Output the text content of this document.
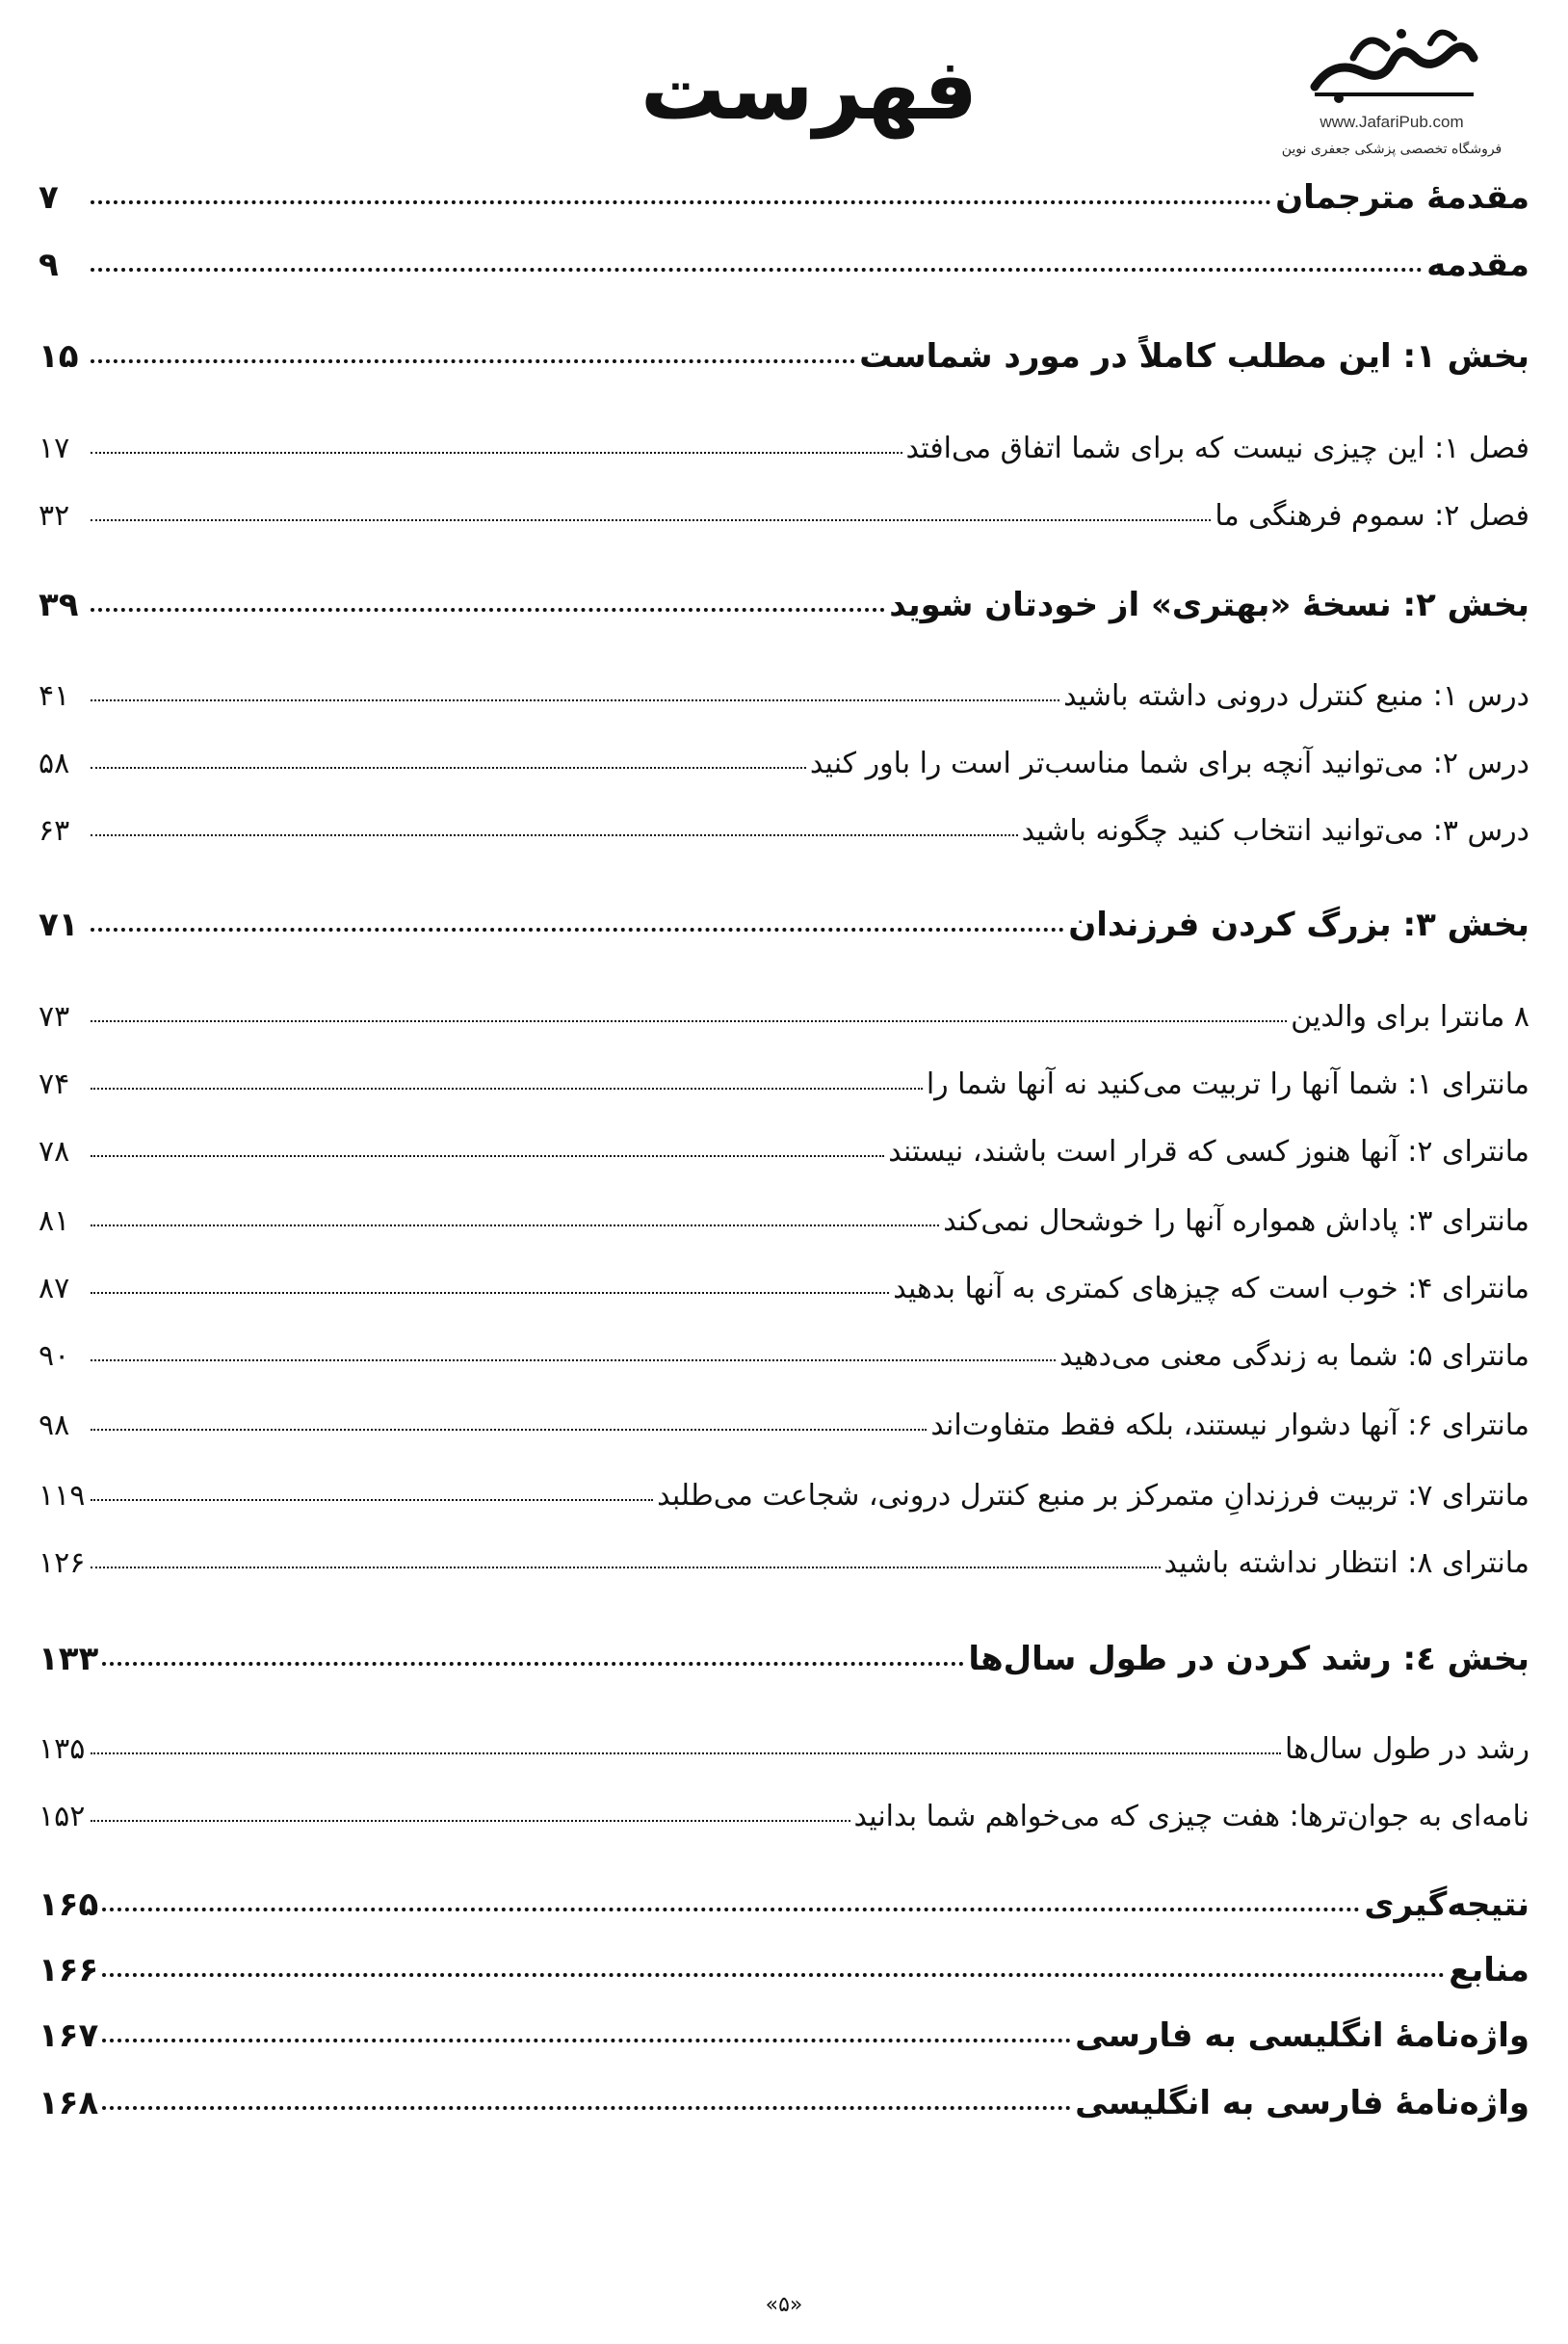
فهرست	www.JafariPub.com
فروشگاه تخصصی پزشکی جعفری نوین
مقدمۀ مترجمان
۷
مقدمه
۹
بخش ۱: این مطلب کاملاً در مورد شماست
۱۵
فصل ۱: این چیزی نیست که برای شما اتفاق می‌افتد
۱۷
فصل ۲: سموم فرهنگی ما
۳۲
بخش ۲: نسخۀ «بهتری» از خودتان شوید
۳۹
درس ۱: منبع کنترل درونی داشته باشید
۴۱
درس ۲: می‌توانید آنچه برای شما مناسب‌تر است را باور کنید
۵۸
درس ۳: می‌توانید انتخاب کنید چگونه باشید
۶۳
بخش ۳: بزرگ کردن فرزندان
۷۱
۸ مانترا برای والدین
۷۳
مانترای ۱: شما آنها را تربیت می‌کنید نه آنها شما را
۷۴
مانترای ۲: آنها هنوز کسی که قرار است باشند، نیستند
۷۸
مانترای ۳: پاداش همواره آنها را خوشحال نمی‌کند
۸۱
مانترای ۴: خوب است که چیزهای کمتری به آنها بدهید
۸۷
مانترای ۵: شما به زندگی معنی می‌دهید
۹۰
مانترای ۶: آنها دشوار نیستند، بلکه فقط متفاوت‌اند
۹۸
مانترای ۷: تربیت فرزندانِ متمرکز بر منبع کنترل درونی، شجاعت می‌طلبد
۱۱۹
مانترای ۸: انتظار نداشته باشید
۱۲۶
بخش ٤: رشد کردن در طول سال‌ها
۱۳۳
رشد در طول سال‌ها
۱۳۵
نامه‌ای به جوان‌ترها: هفت چیزی که می‌خواهم شما بدانید
۱۵۲
نتیجه‌گیری
۱۶۵
منابع
۱۶۶
واژه‌نامۀ انگلیسی به فارسی
۱۶۷
واژه‌نامۀ فارسی به انگلیسی
۱۶۸
«۵»
